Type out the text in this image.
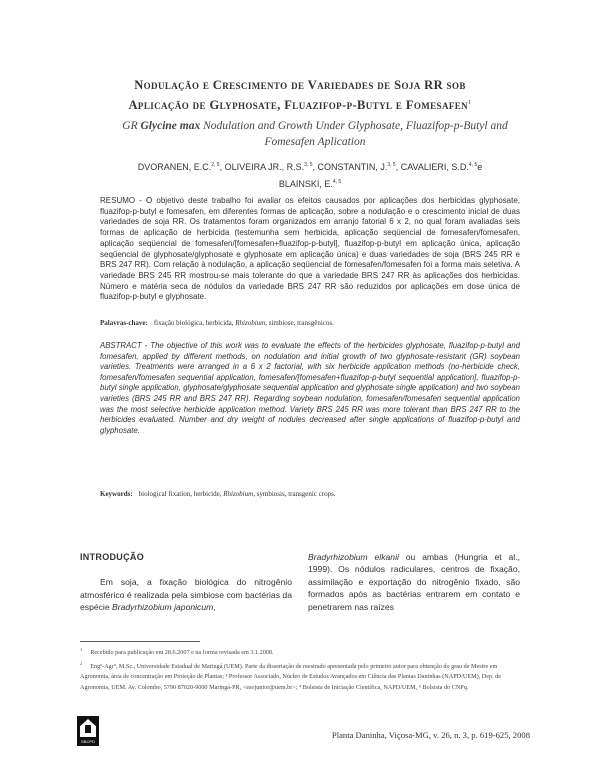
Nodulação e Crescimento de Variedades de Soja RR sob
Aplicação de Glyphosate, Fluazifop-p-Butyl e Fomesafen$^1$
GR Glycine max Nodulation and Growth Under Glyphosate, Fluazifop-p-Butyl and Fomesafen Aplication
DVORANEN, E.C.$^{2, 5}$, OLIVEIRA JR., R.S.$^{3, 5}$, CONSTANTIN, J.$^{3, 5}$, CAVALIERI, S.D.$^{4, 5}$e
BLAINSKI, E.$^{4, 5}$
RESUMO - O objetivo deste trabalho foi avaliar os efeitos causados por aplicações dos herbicidas glyphosate, fluazifop-p-butyl e fomesafen, em diferentes formas de aplicação, sobre a nodulação e o crescimento inicial de duas variedades de soja RR. Os tratamentos foram organizados em arranjo fatorial 6 x 2, no qual foram avaliadas seis formas de aplicação de herbicida (testemunha sem herbicida, aplicação seqüencial de fomesafen/fomesafen, aplicação seqüencial de fomesafen/[fomesafen+fluazifop-p-butyl], fluazifop-p-butyl em aplicação única, aplicação seqüencial de glyphosate/glyphosate e glyphosate em aplicação única) e duas variedades de soja (BRS 245 RR e BRS 247 RR). Com relação à nodulação, a aplicação seqüencial de fomesafen/fomesafen foi a forma mais seletiva. A variedade BRS 245 RR mostrou-se mais tolerante do que a variedade BRS 247 RR às aplicações dos herbicidas. Número e matéria seca de nódulos da variedade BRS 247 RR são reduzidos por aplicações em dose única de fluazifop-p-butyl e glyphosate.
Palavras-chave: fixação biológica, herbicida, Rhizobium, simbiose, transgênicos.
ABSTRACT - The objective of this work was to evaluate the effects of the herbicides glyphosate, fluazifop-p-butyl and fomesafen, applied by different methods, on nodulation and initial growth of two glyphosate-resistant (GR) soybean varieties. Treatments were arranged in a 6 x 2 factorial, with six herbicide application methods (no-herbicide check, fomesafen/fomesafen sequential application, fomesafen/[fomesafen+fluazifop-p-butyl sequential application], fluazifop-p-butyl single application, glyphosate/glyphosate sequential application and glyphosate single application) and two soybean varieties (BRS 245 RR and BRS 247 RR). Regarding soybean nodulation, fomesafen/fomesafen sequential application was the most selective herbicide application method. Variety BRS 245 RR was more tolerant than BRS 247 RR to the herbicides evaluated. Number and dry weight of nodules decreased after single applications of fluazifop-p-butyl and glyphosate.
Keywords: biological fixation, herbicide, Rhizobium, symbiosis, transgenic crops.
INTRODUÇÃO

Em soja, a fixação biológica do nitrogênio atmosférico é realizada pela simbiose com bactérias da espécie Bradyrhizobium japonicum,

Bradyrhizobium elkanii ou ambas (Hungria et al., 1999). Os nódulos radiculares, centros de fixação, assimilação e exportação do nitrogênio fixado, são formados após as bactérias entrarem em contato e penetrarem nas raízes

$^1$ Recebido para publicação em 28.6.2007 e na forma revisada em 3.1.2008.
$^2$ Engº-Agrº, M.Sc., Universidade Estadual de Maringá (UEM). Parte da dissertação de mestrado apresentada pelo primeiro autor para obtenção do grau de Mestre em Agronomia, área de concentração em Proteção de Plantas; ³ Professor Associado, Núcleo de Estudos Avançados em Ciência das Plantas Daninhas (NAPD/UEM), Dep. de Agronomia, UEM. Av. Colombo, 5790 87020-9000 Maringá-PR, <esojunior@uem.br>; ⁴ Bolsista de Iniciação Científica, NAPD/UEM, ⁵ Bolsista do CNPq.
SBCPD
Planta Daninha, Viçosa-MG, v. 26, n. 3, p. 619-625, 2008
